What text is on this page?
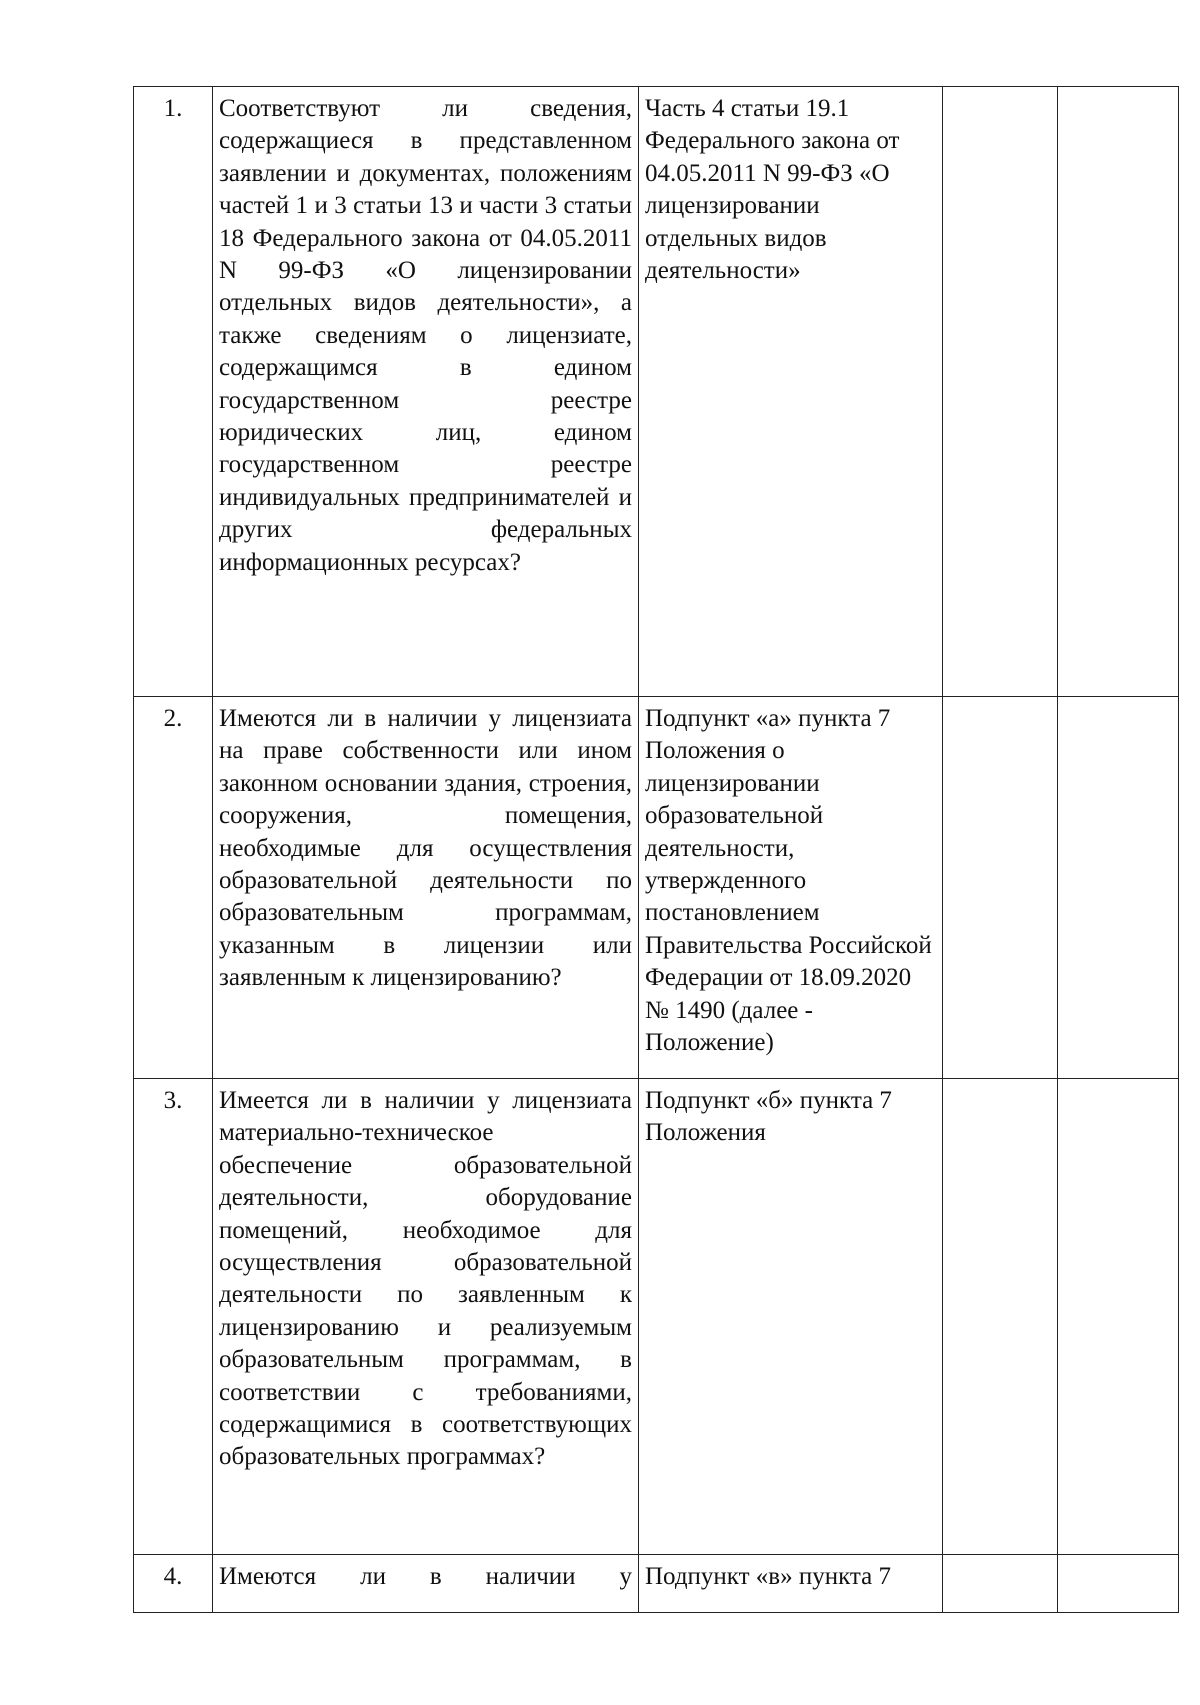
1.	Соответствуют ли сведения, содержащиеся в представленном заявлении и документах, положениям частей 1 и 3 статьи 13 и части 3 статьи 18 Федерального закона от 04.05.2011 N 99-ФЗ «О лицензировании отдельных видов деятельности», а также сведениям о лицензиате, содержащимся в едином государственном реестре юридических лиц, едином государственном реестре индивидуальных предпринимателей и других федеральных информационных ресурсах?	Часть 4 статьи 19.1 Федерального закона от 04.05.2011 N 99-ФЗ «О лицензировании отдельных видов деятельности»		
2.	Имеются ли в наличии у лицензиата на праве собственности или ином законном основании здания, строения, сооружения, помещения, необходимые для осуществления образовательной деятельности по образовательным программам, указанным в лицензии или заявленным к лицензированию?	Подпункт «а» пункта 7 Положения о лицензировании образовательной деятельности, утвержденного постановлением Правительства Российской Федерации от 18.09.2020 № 1490 (далее - Положение)		
3.	Имеется ли в наличии у лицензиата материально-техническое обеспечение образовательной деятельности, оборудование помещений, необходимое для осуществления образовательной деятельности по заявленным к лицензированию и реализуемым образовательным программам, в соответствии с требованиями, содержащимися в соответствующих образовательных программах?	Подпункт «б» пункта 7 Положения		
4.	Имеются ли в наличии у	Подпункт «в» пункта 7		
